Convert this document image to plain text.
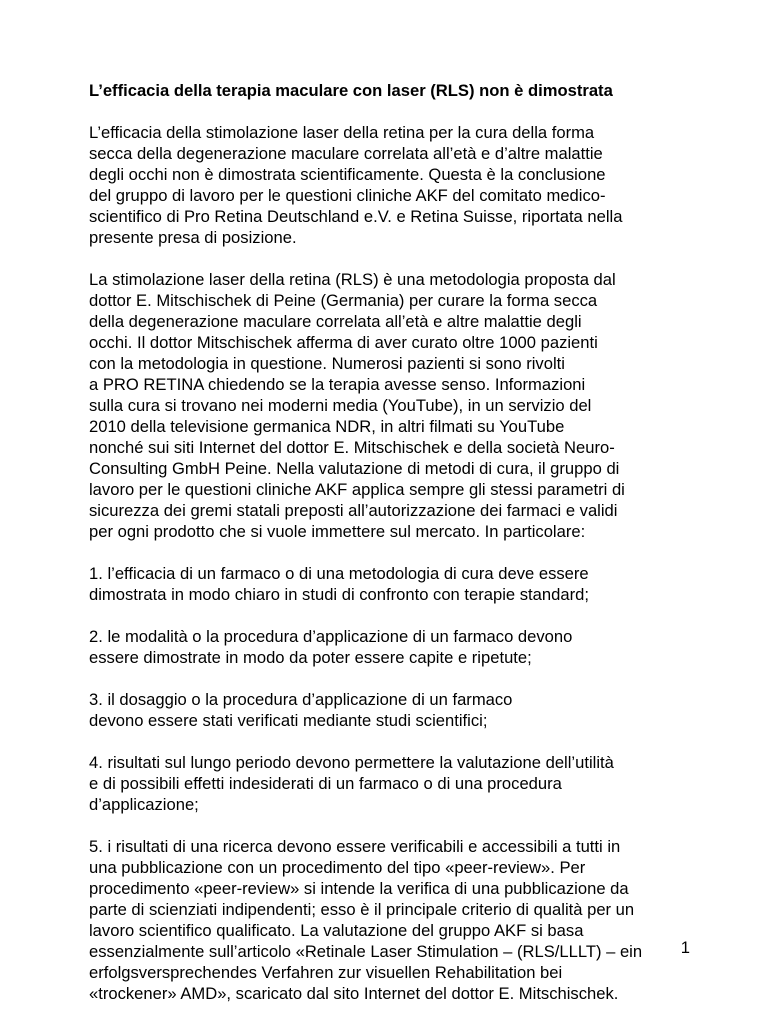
L’efficacia della terapia maculare con laser (RLS) non è dimostrata
L’efficacia della stimolazione laser della retina per la cura della forma
secca della degenerazione maculare correlata all’età e d’altre malattie
degli occhi non è dimostrata scientificamente. Questa è la conclusione
del gruppo di lavoro per le questioni cliniche AKF del comitato medico-
scientifico di Pro Retina Deutschland e.V. e Retina Suisse, riportata nella
presente presa di posizione.
La stimolazione laser della retina (RLS) è una metodologia proposta dal
dottor E. Mitschischek di Peine (Germania) per curare la forma secca
della degenerazione maculare correlata all’età e altre malattie degli
occhi. Il dottor Mitschischek afferma di aver curato oltre 1000 pazienti
con la metodologia in questione. Numerosi pazienti si sono rivolti
a PRO RETINA chiedendo se la terapia avesse senso. Informazioni
sulla cura si trovano nei moderni media (YouTube), in un servizio del
2010 della televisione germanica NDR, in altri filmati su YouTube
nonché sui siti Internet del dottor E. Mitschischek e della società Neuro-
Consulting GmbH Peine. Nella valutazione di metodi di cura, il gruppo di
lavoro per le questioni cliniche AKF applica sempre gli stessi parametri di
sicurezza dei gremi statali preposti all’autorizzazione dei farmaci e validi
per ogni prodotto che si vuole immettere sul mercato. In particolare:
1. l’efficacia di un farmaco o di una metodologia di cura deve essere
dimostrata in modo chiaro in studi di confronto con terapie standard;
2. le modalità o la procedura d’applicazione di un farmaco devono
essere dimostrate in modo da poter essere capite e ripetute;
3. il dosaggio o la procedura d’applicazione di un farmaco
devono essere stati verificati mediante studi scientifici;
4. risultati sul lungo periodo devono permettere la valutazione dell’utilità
e di possibili effetti indesiderati di un farmaco o di una procedura
d’applicazione;
5. i risultati di una ricerca devono essere verificabili e accessibili a tutti in
una pubblicazione con un procedimento del tipo «peer-review». Per
procedimento «peer-review» si intende la verifica di una pubblicazione da
parte di scienziati indipendenti; esso è il principale criterio di qualità per un
lavoro scientifico qualificato. La valutazione del gruppo AKF si basa
essenzialmente sull’articolo «Retinale Laser Stimulation – (RLS/LLLT) – ein
erfolgsversprechendes Verfahren zur visuellen Rehabilitation bei
«trockener» AMD», scaricato dal sito Internet del dottor E. Mitschischek.
1
